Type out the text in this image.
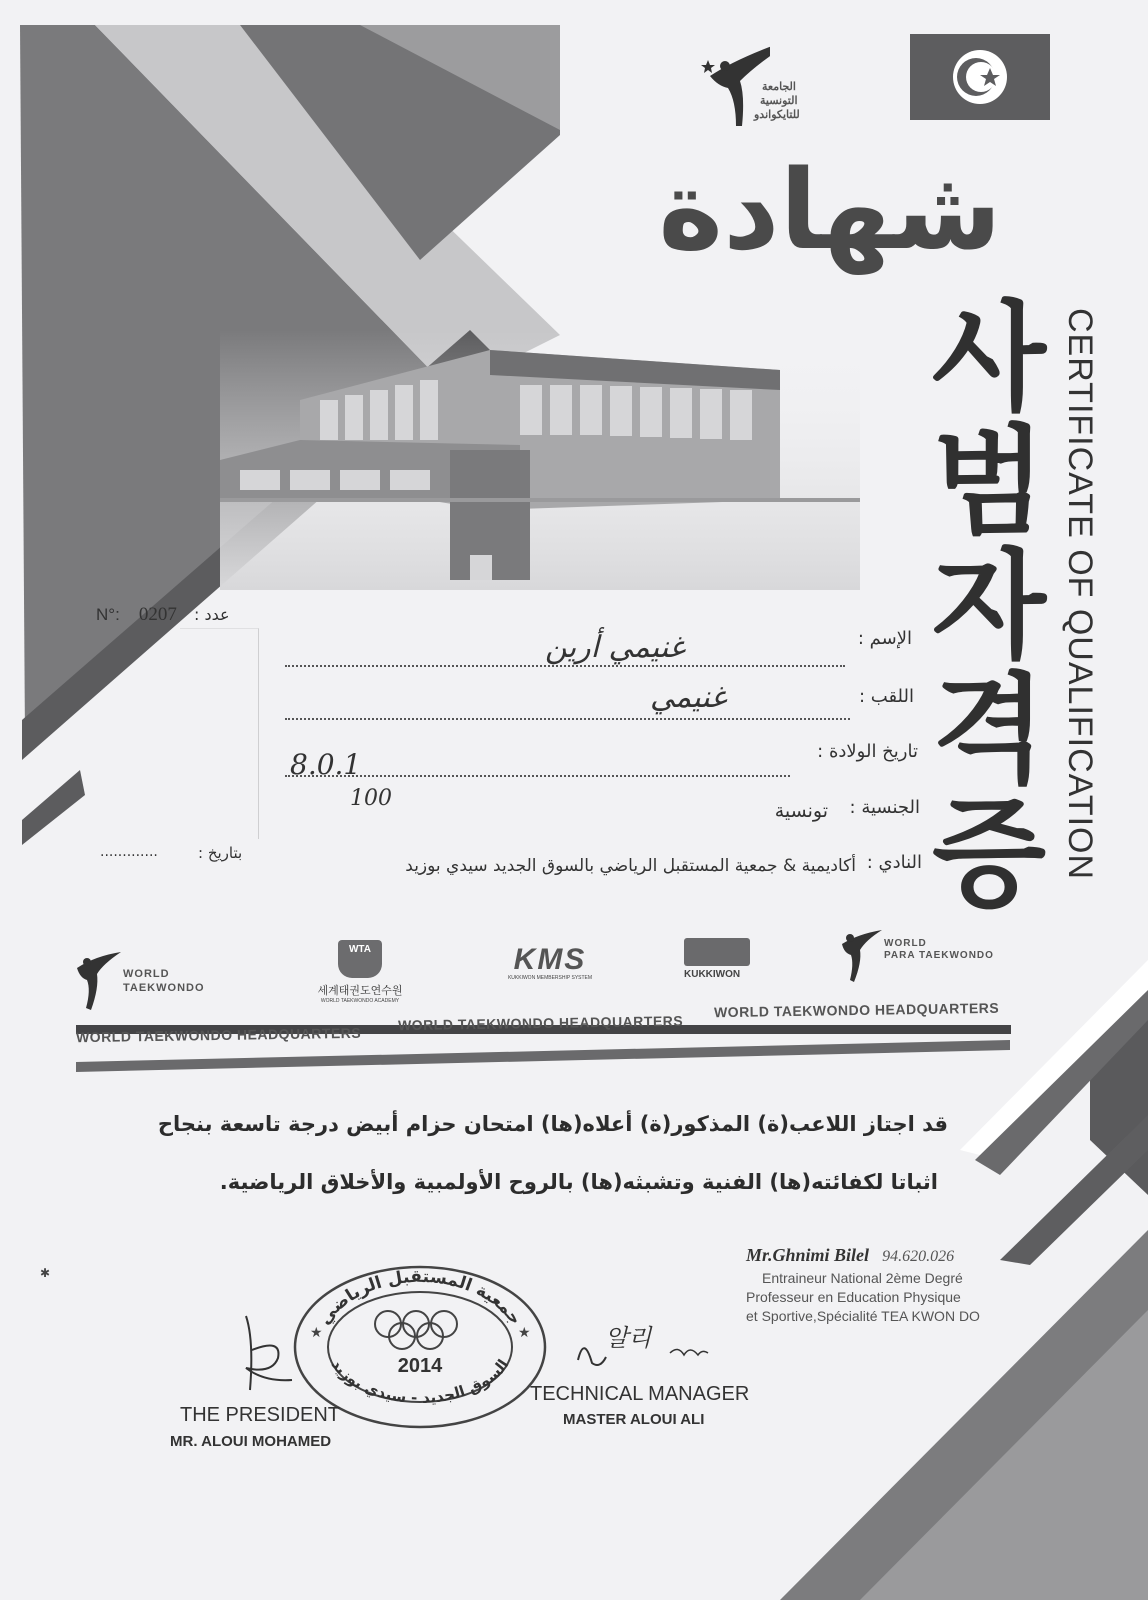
الجامعة
التونسية
للتايكواندو
شهادة
사범자격증 CERTIFICATE OF QUALIFICATION
N°: 0207 : عدد
بتاريخ :
.............
الإسم :
غنيمي أرين
اللقب :
غنيمي
تاريخ الولادة :
8.0.1
100	الجنسية :
تونسية
النادي :
أكاديمية & جمعية المستقبل الرياضي بالسوق الجديد سيدي بوزيد
WORLD
TAEKWONDO
WTA
세계태권도연수원
WORLD TAEKWONDO ACADEMY
KMS
KUKKIWON MEMBERSHIP SYSTEM	KUKKIWON
WORLD
PARA TAEKWONDO
WORLD TAEKWONDO HEADQUARTERS
WORLD TAEKWONDO HEADQUARTERS
WORLD TAEKWONDO HEADQUARTERS
قد اجتاز اللاعب(ة) المذكور(ة) أعلاه(ها) امتحان حزام أبيض درجة تاسعة بنجاح
اثباتا لكفائته(ها) الفنية وتشبثه(ها) بالروح الأولمبية والأخلاق الرياضية.
Mr.Ghnimi Bilel 94.620.026
Entraineur National 2ème Degré
Professeur en Education Physique
et Sportive,Spécialité TEA KWON DO
جمعية المستقبل الرياضي
السوق الجديد - سيدي بوزيد
2014
★	★
THE PRESIDENT
MR. ALOUI MOHAMED
알리
TECHNICAL MANAGER
MASTER ALOUI ALI
✱
